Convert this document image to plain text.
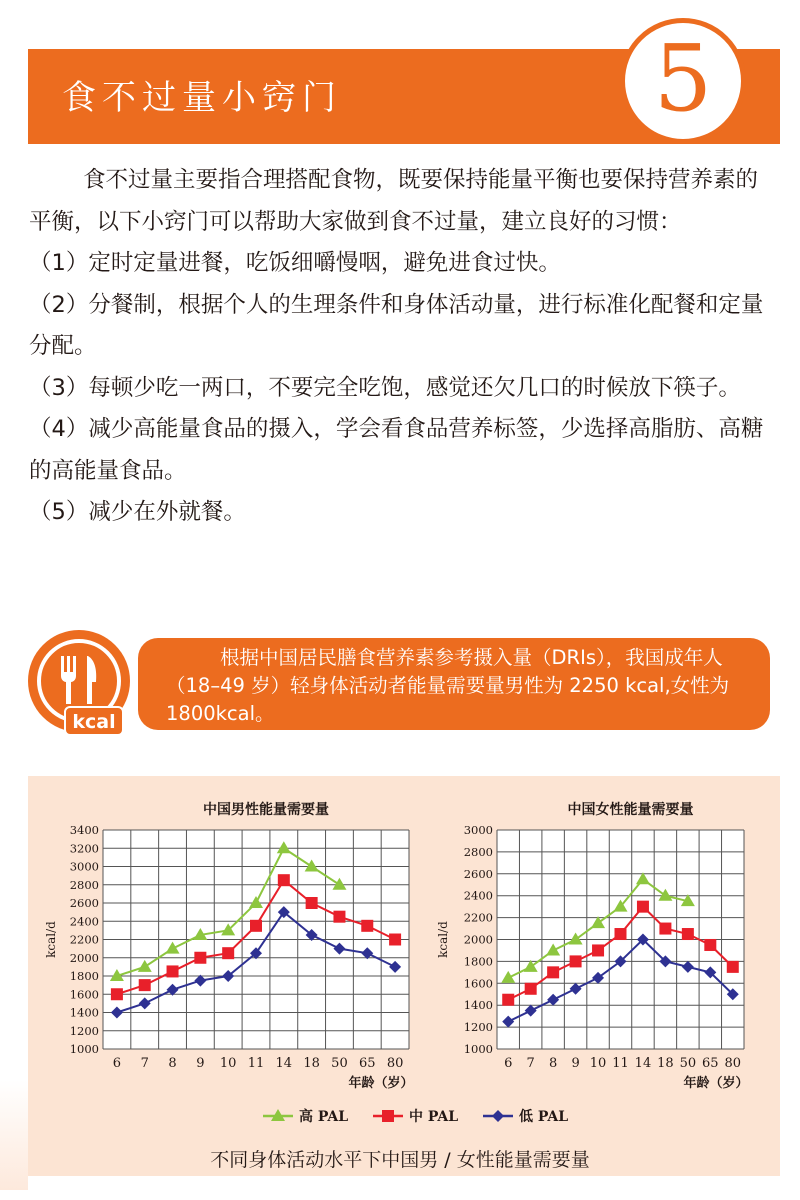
食不过量小窍门	5

食不过量主要指合理搭配食物，既要保持能量平衡也要保持营养素的平衡，以下小窍门可以帮助大家做到食不过量，建立良好的习惯：

（1）定时定量进餐，吃饭细嚼慢咽，避免进食过快。

（2）分餐制，根据个人的生理条件和身体活动量，进行标准化配餐和定量分配。

（3）每顿少吃一两口，不要完全吃饱，感觉还欠几口的时候放下筷子。

（4）减少高能量食品的摄入，学会看食品营养标签，少选择高脂肪、高糖的高能量食品。

（5）减少在外就餐。

kcal
根据中国居民膳食营养素参考摄入量（DRIs），我国成年人（18–49 岁）轻身体活动者能量需要量男性为 2250 kcal,女性为 1800kcal。
1000
1200
1400
1600
1800
2000
2200
2400
2600
2800
3000
3200
3400
6 7 8 9 10 11 14 18 50 65 80
中国男性能量需要量
kcal/d
年龄（岁）
1000
1200
1400
1600
1800
2000
2200
2400
2600
2800
3000
6 7 8 9 10 11 14 18 50 65 80
中国女性能量需要量
kcal/d
年龄（岁）
高 PAL	中 PAL	低 PAL
不同身体活动水平下中国男 / 女性能量需要量
